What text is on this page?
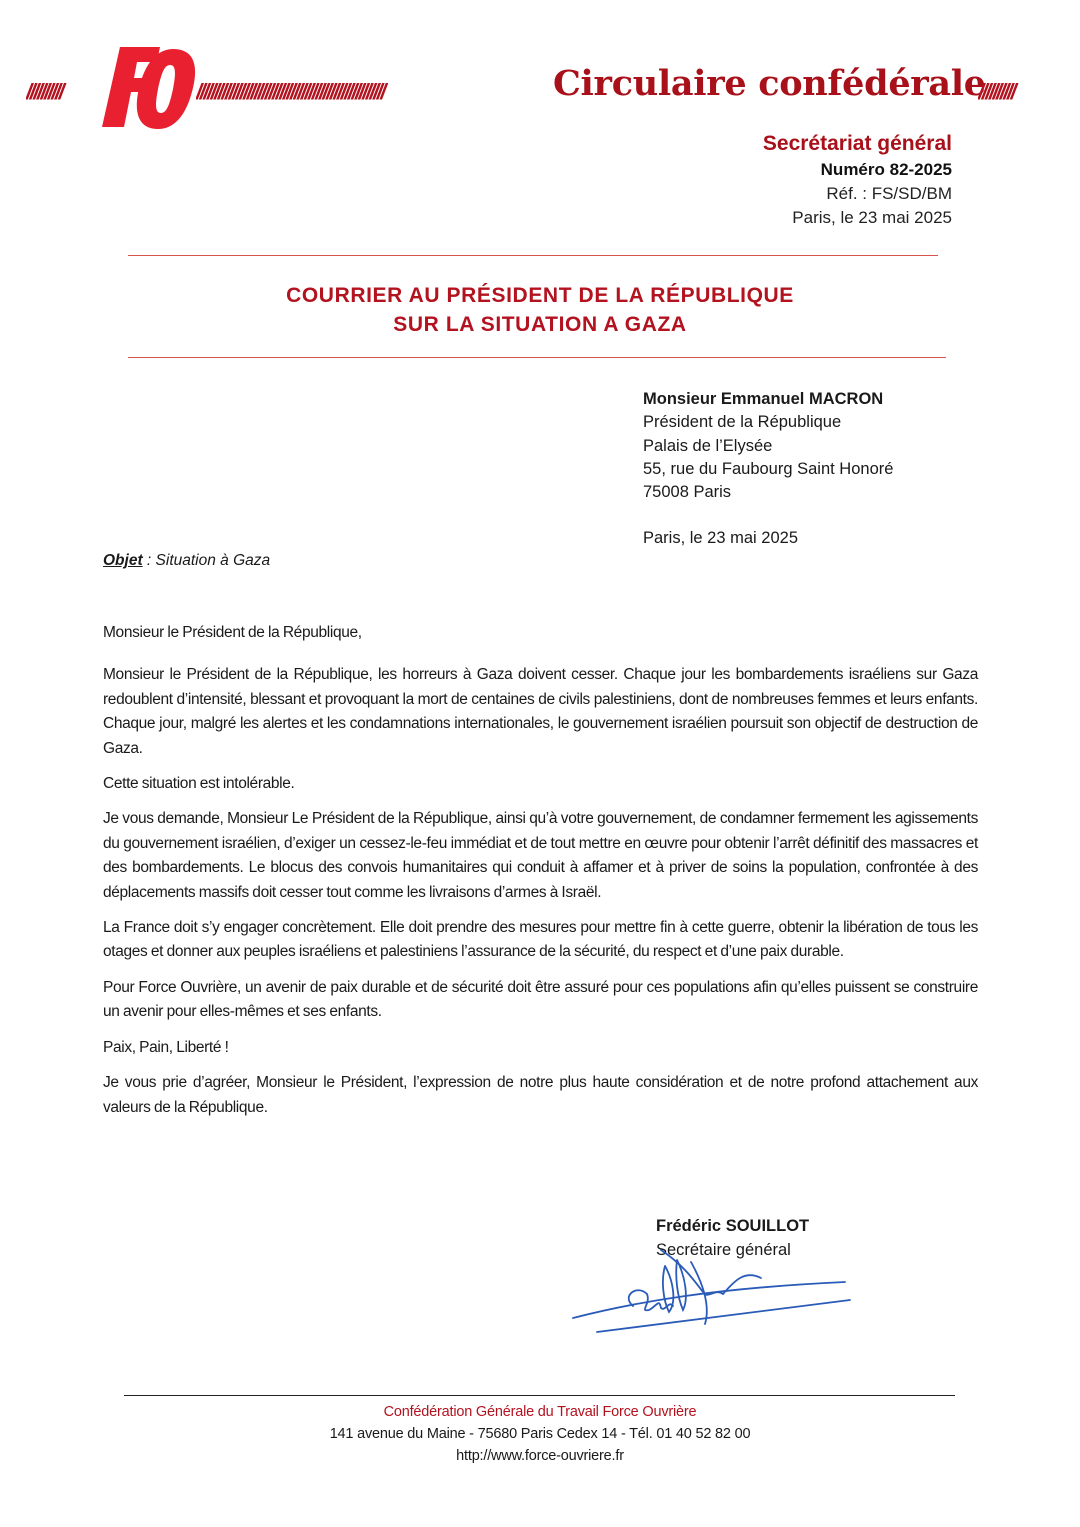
//////////	////////////////////////////////////////////////////	Circulaire confédérale
//////////
Secrétariat général
Numéro 82-2025
Réf. : FS/SD/BM
Paris, le 23 mai 2025
COURRIER AU PRÉSIDENT DE LA RÉPUBLIQUE
SUR LA SITUATION A GAZA
Monsieur Emmanuel MACRON
Président de la République
Palais de l’Elysée
55, rue du Faubourg Saint Honoré
75008 Paris
Paris, le 23 mai 2025
Objet : Situation à Gaza

Monsieur le Président de la République,

Monsieur le Président de la République, les horreurs à Gaza doivent cesser. Chaque jour les bombardements israéliens sur Gaza redoublent d’intensité, blessant et provoquant la mort de centaines de civils palestiniens, dont de nombreuses femmes et leurs enfants. Chaque jour, malgré les alertes et les condamnations internationales, le gouvernement israélien poursuit son objectif de destruction de Gaza.

Cette situation est intolérable.

Je vous demande, Monsieur Le Président de la République, ainsi qu’à votre gouvernement, de condamner fermement les agissements du gouvernement israélien, d’exiger un cessez-le-feu immédiat et de tout mettre en œuvre pour obtenir l’arrêt définitif des massacres et des bombardements. Le blocus des convois humanitaires qui conduit à affamer et à priver de soins la population, confrontée à des déplacements massifs doit cesser tout comme les livraisons d’armes à Israël.

La France doit s’y engager concrètement. Elle doit prendre des mesures pour mettre fin à cette guerre, obtenir la libération de tous les otages et donner aux peuples israéliens et palestiniens l’assurance de la sécurité, du respect et d’une paix durable.

Pour Force Ouvrière, un avenir de paix durable et de sécurité doit être assuré pour ces populations afin qu’elles puissent se construire un avenir pour elles-mêmes et ses enfants.

Paix, Pain, Liberté !

Je vous prie d’agréer, Monsieur le Président, l’expression de notre plus haute considération et de notre profond attachement aux valeurs de la République.

Frédéric SOUILLOT
Secrétaire général
Confédération Générale du Travail Force Ouvrière
141 avenue du Maine - 75680 Paris Cedex 14 - Tél. 01 40 52 82 00
http://www.force-ouvriere.fr
